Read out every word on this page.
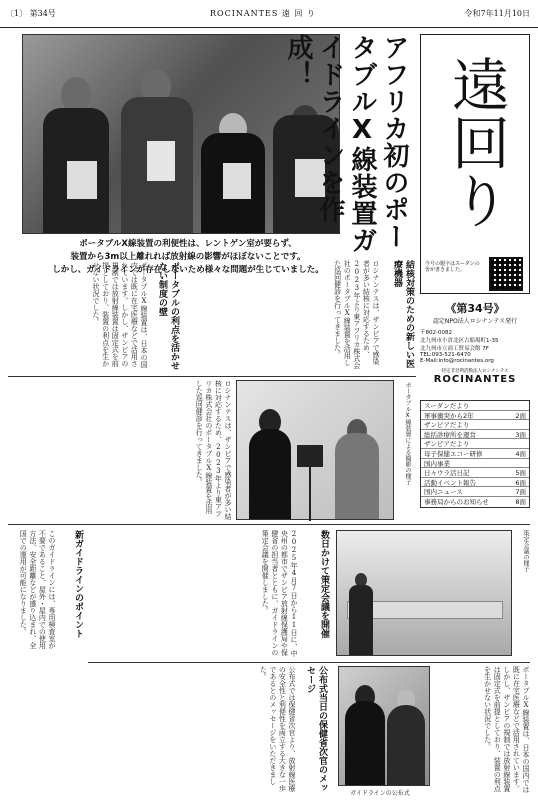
〔1〕 第34号	ROCINANTES 遠 回 り	令和7年11月10日
アフリカ初のポータブルX線装置ガイドラインを作成！	遠回り
今号の題字はスーダンの皆が書きました。
ポータブルX線装置の利便性は、レントゲン室が要らず、
装置から3m以上離れれば放射線の影響がほぼないことです。
しかし、ガイドラインが存在しないため様々な問題が生じていました。
《第34号》
認定NPO法人ロシナンテス発行
〒802-0082
北九州市小倉北区古船場町1-35
北九州市立商工貿易会館 7F
TEL:093-521-6470
E-Mail:info@rocinantes.org
特定非営利活動法人ロシナンテス
ROCINANTES
スーダンだより
軍事衝突から2年	2面
ザンビアだより
総括診療所を運営	3面
ザンビアだより
母子保健エコー研修	4面
国内事業
日々ウラ活日記	5面
活動イベント報告	6面
国内ニュース	7面
事務局からのお知らせ	8面
結核対策のための新しい医療機器
ロシナンテスは、ザンビアで感染者が多い結核に対応するため、2023年より東アフリカ株式会社のポータブルX線装置を活用した巡回健診を行ってきました。
ポータブルの利点を活かせない制度の壁
ポータブルX線装置は、日本の国内では既に在宅医療などで活用されています。しかし、ザンビアの規制では放射線装置は固定式を前提としており、装置の利点を生かせない状況でした。
ポータブルX線装置による撮影の様子
ロシナンテスは、ザンビアで感染者が多い結核に対応するため、2023年より東アフリカ株式会社のポータブルX線装置を活用した巡回健診を行ってきました。
新ガイドラインのポイント
このガイドラインには、専用検査室が不要であること、屋外・屋内での使用方法、安全距離などが盛り込まれ、全国での運用が可能になりました。	数日かけて策定会議を開催
2025年4月7日から11日に、中央州の都市でザンビア放射線保護局や保健省の担当者とともに、ガイドラインの策定会議を開催しました。	策定会議の様子
公布式当日の保健省次官のメッセージ
公布式では保健省次官より、放射線医療の安全性と利便性を両立する大きな一歩であるとのメッセージをいただきました。
ガイドラインの公布式
ポータブルX線装置は、日本の国内では既に在宅医療などで活用されています。しかし、ザンビアの規制では放射線装置は固定式を前提としており、装置の利点を生かせない状況でした。
